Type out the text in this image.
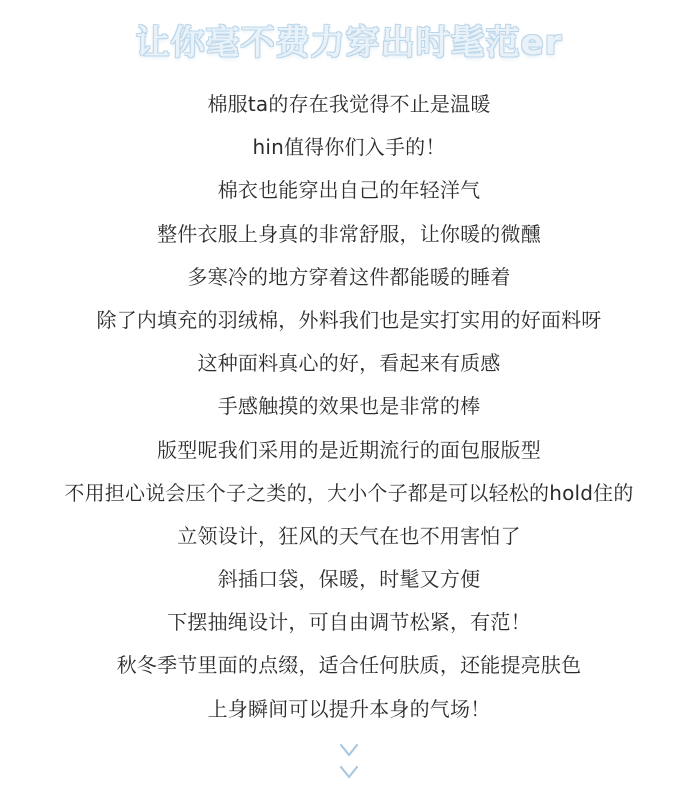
让你毫不费力穿出时髦范er
棉服ta的存在我觉得不止是温暖
hin值得你们入手的！
棉衣也能穿出自己的年轻洋气
整件衣服上身真的非常舒服，让你暖的微醺
多寒冷的地方穿着这件都能暖的睡着
除了内填充的羽绒棉，外料我们也是实打实用的好面料呀
这种面料真心的好，看起来有质感
手感触摸的效果也是非常的棒
版型呢我们采用的是近期流行的面包服版型
不用担心说会压个子之类的，大小个子都是可以轻松的hold住的
立领设计，狂风的天气在也不用害怕了
斜插口袋，保暖，时髦又方便
下摆抽绳设计，可自由调节松紧，有范！
秋冬季节里面的点缀，适合任何肤质，还能提亮肤色
上身瞬间可以提升本身的气场！
